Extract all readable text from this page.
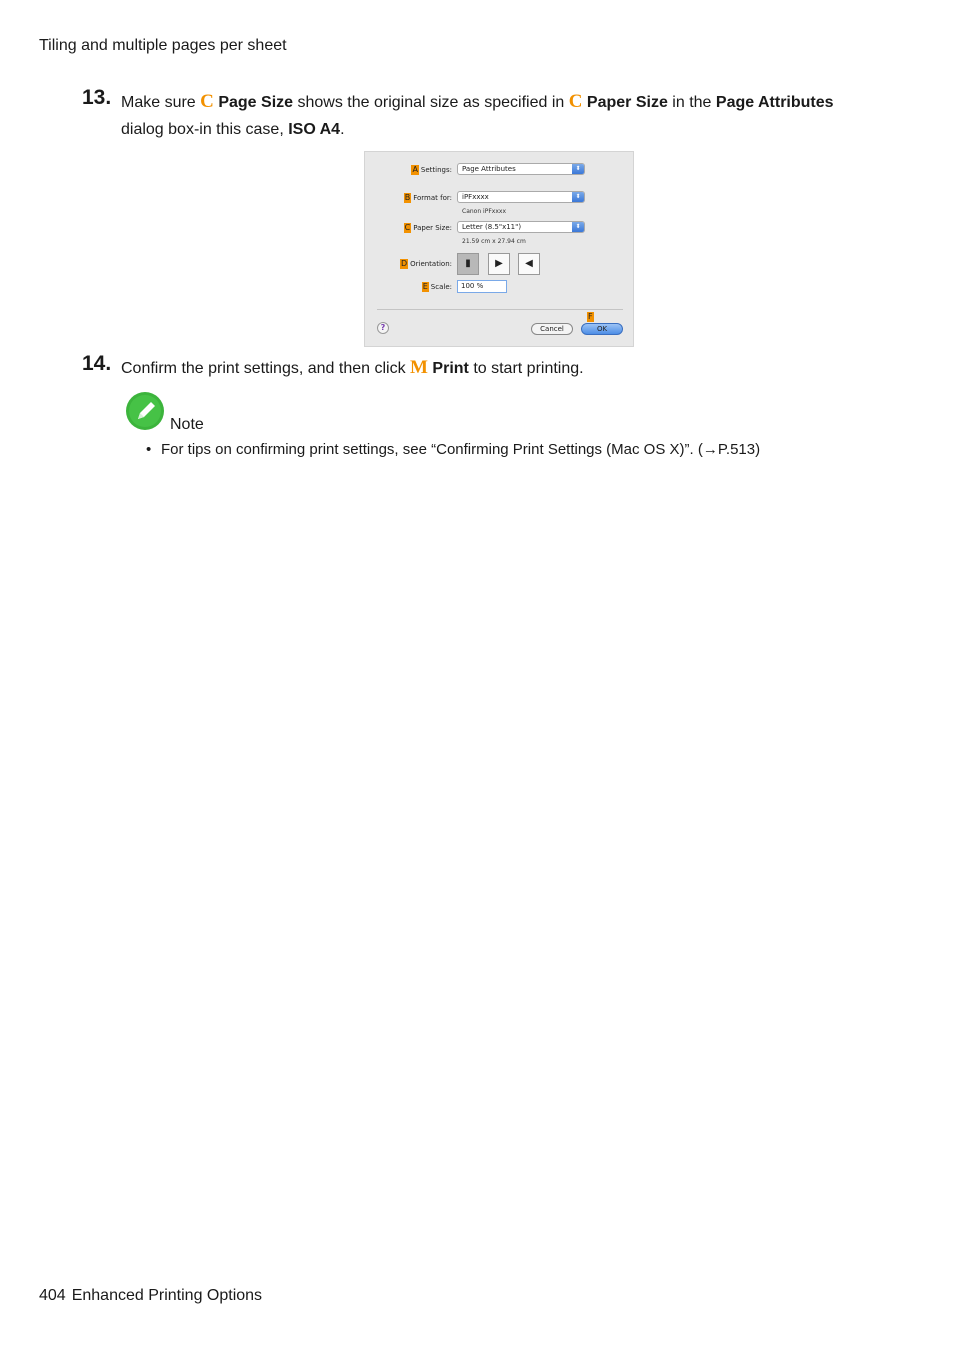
Tiling and multiple pages per sheet
13. Make sure C Page Size shows the original size as specified in C Paper Size in the Page Attributes dialog box-in this case, ISO A4.
A Settings: Page Attributes	⬍
B Format for: iPFxxxx	⬍
Canon iPFxxxx
C Paper Size: Letter (8.5"x11")	⬍
21.59 cm x 27.94 cm
D Orientation:	▮	▶	◀
E Scale:	100 %
?
F
Cancel	OK
14. Confirm the print settings, and then click M Print to start printing.
Note
• For tips on confirming print settings, see “Confirming Print Settings (Mac OS X)”. (→P.513)
404 Enhanced Printing Options
